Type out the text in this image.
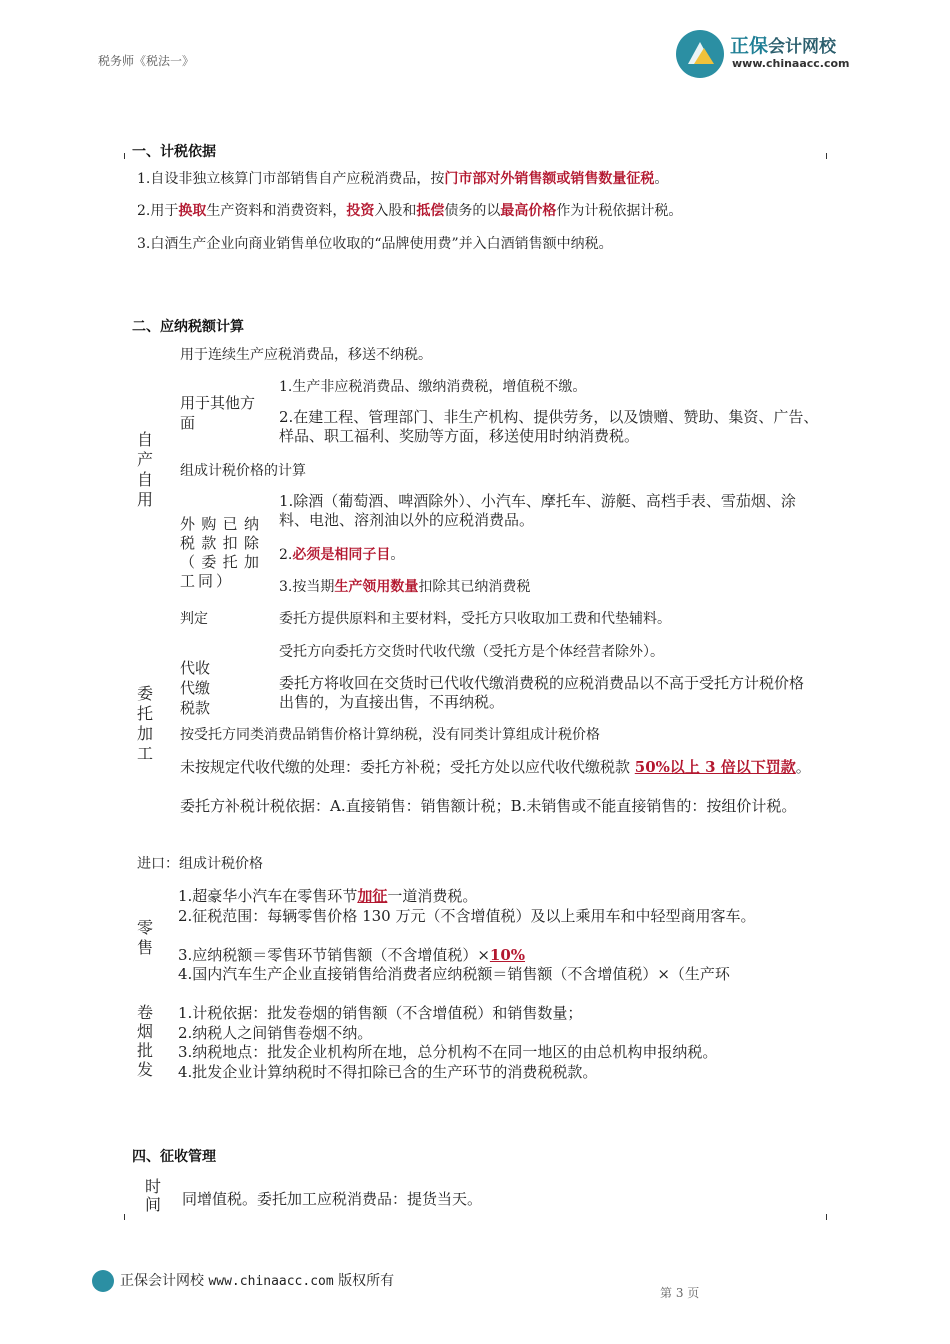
税务师《税法一》
正保会计网校
www.chinaacc.com
一、计税依据
1.自设非独立核算门市部销售自产应税消费品，按门市部对外销售额或销售数量征税。
2.用于换取生产资料和消费资料，投资入股和抵偿债务的以最高价格作为计税依据计税。
3.白酒生产企业向商业销售单位收取的“品牌使用费”并入白酒销售额中纳税。
二、应纳税额计算
用于连续生产应税消费品，移送不纳税。
自产自用
用于其他方面
1.生产非应税消费品、缴纳消费税，增值税不缴。
2.在建工程、管理部门、非生产机构、提供劳务，以及馈赠、赞助、集资、广告、样品、职工福利、奖励等方面，移送使用时纳消费税。
组成计税价格的计算
外购已纳税款扣除（委托加工同）
1.除酒（葡萄酒、啤酒除外）、小汽车、摩托车、游艇、高档手表、雪茄烟、涂料、电池、溶剂油以外的应税消费品。
2.必须是相同子目。
3.按当期生产领用数量扣除其已纳消费税
委托加工
判定	委托方提供原料和主要材料，受托方只收取加工费和代垫辅料。
受托方向委托方交货时代收代缴（受托方是个体经营者除外）。
代收代缴税款
委托方将收回在交货时已代收代缴消费税的应税消费品以不高于受托方计税价格出售的，为直接出售，不再纳税。
按受托方同类消费品销售价格计算纳税，没有同类计算组成计税价格
未按规定代收代缴的处理：委托方补税；受托方处以应代收代缴税款 50%以上 3 倍以下罚款。
委托方补税计税依据：A.直接销售：销售额计税；B.未销售或不能直接销售的：按组价计税。
进口：组成计税价格
零售
1.超豪华小汽车在零售环节加征一道消费税。
2.征税范围：每辆零售价格 130 万元（不含增值税）及以上乘用车和中轻型商用客车。
3.应纳税额＝零售环节销售额（不含增值税）×10%
4.国内汽车生产企业直接销售给消费者应纳税额＝销售额（不含增值税）×（生产环
卷烟批发
1.计税依据：批发卷烟的销售额（不含增值税）和销售数量；
2.纳税人之间销售卷烟不纳。
3.纳税地点：批发企业机构所在地，总分机构不在同一地区的由总机构申报纳税。
4.批发企业计算纳税时不得扣除已含的生产环节的消费税税款。
四、征收管理
时间 同增值税。委托加工应税消费品：提货当天。
正保会计网校 www.chinaacc.com 版权所有
第 3 页
